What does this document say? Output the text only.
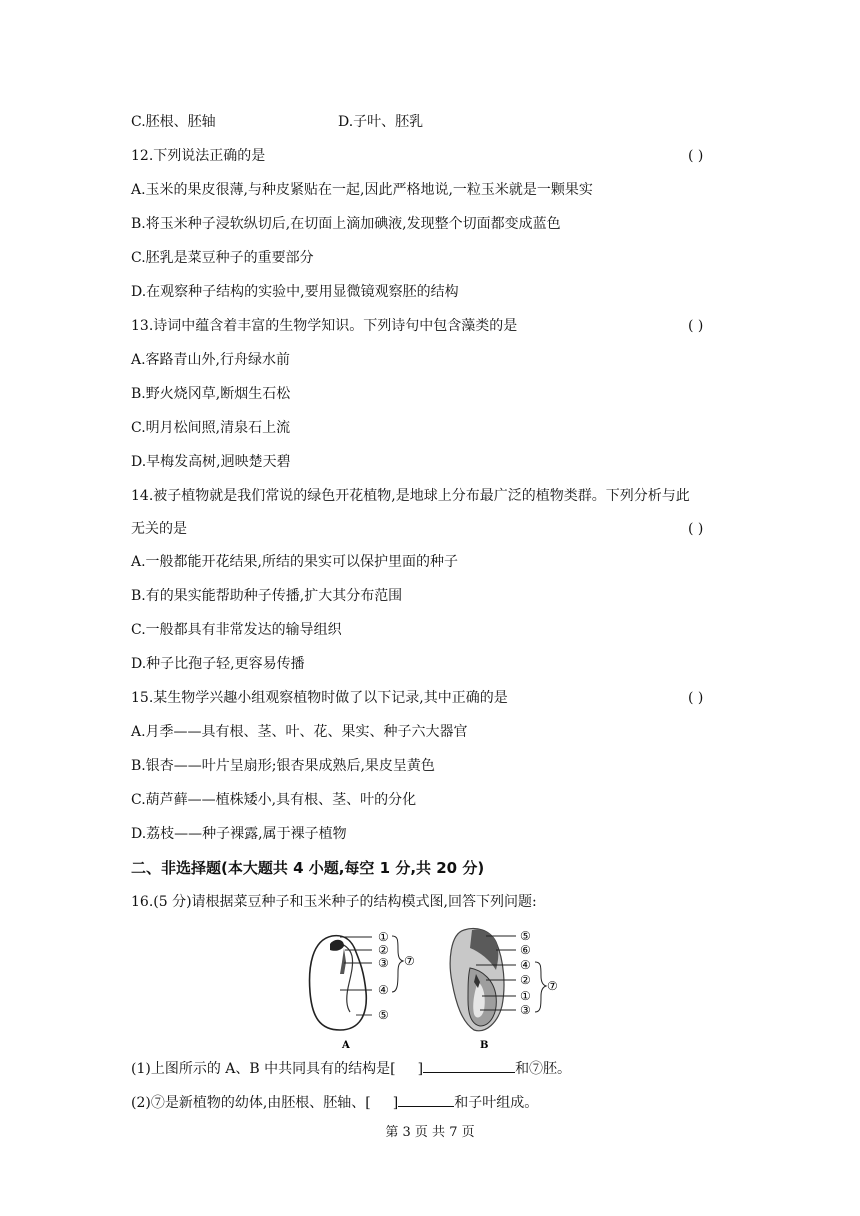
C.胚根、胚轴	D.子叶、胚乳
12.下列说法正确的是	( )
A.玉米的果皮很薄,与种皮紧贴在一起,因此严格地说,一粒玉米就是一颗果实
B.将玉米种子浸软纵切后,在切面上滴加碘液,发现整个切面都变成蓝色
C.胚乳是菜豆种子的重要部分
D.在观察种子结构的实验中,要用显微镜观察胚的结构
13.诗词中蕴含着丰富的生物学知识。下列诗句中包含藻类的是	( )
A.客路青山外,行舟绿水前
B.野火烧冈草,断烟生石松
C.明月松间照,清泉石上流
D.早梅发高树,迥映楚天碧
14.被子植物就是我们常说的绿色开花植物,是地球上分布最广泛的植物类群。下列分析与此
无关的是	( )
A.一般都能开花结果,所结的果实可以保护里面的种子
B.有的果实能帮助种子传播,扩大其分布范围
C.一般都具有非常发达的输导组织
D.种子比孢子轻,更容易传播
15.某生物学兴趣小组观察植物时做了以下记录,其中正确的是	( )
A.月季——具有根、茎、叶、花、果实、种子六大器官
B.银杏——叶片呈扇形;银杏果成熟后,果皮呈黄色
C.葫芦藓——植株矮小,具有根、茎、叶的分化
D.荔枝——种子裸露,属于裸子植物
二、非选择题(本大题共 4 小题,每空 1 分,共 20 分)
16.(5 分)请根据菜豆种子和玉米种子的结构模式图,回答下列问题:
①
②
③
④
⑤
⑦
A
⑤
⑥
④
②
①
③
⑦
B
(1)上图所示的 A、B 中共同具有的结构是[ ]	和⑦胚。
(2)⑦是新植物的幼体,由胚根、胚轴、[ ]	和子叶组成。
第 3 页 共 7 页
